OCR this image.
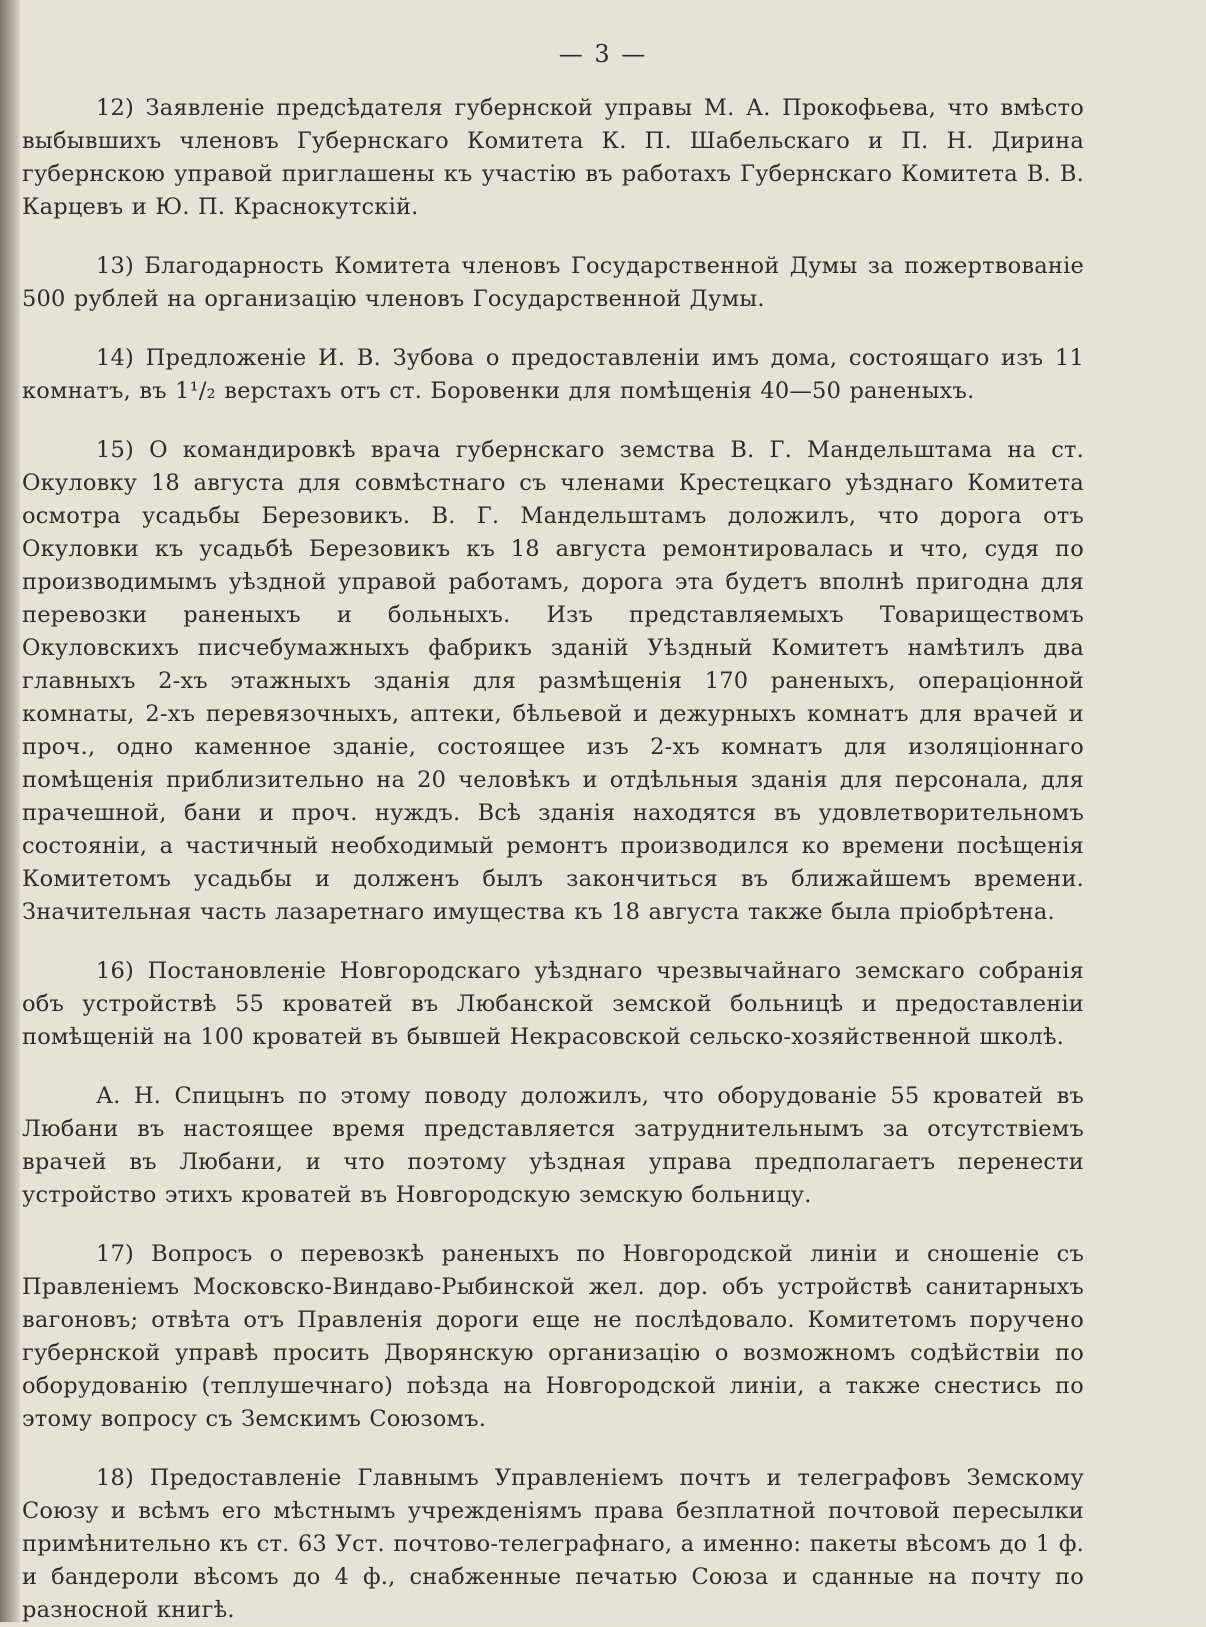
— 3 —

12) Заявленіе предсѣдателя губернской управы М. А. Прокофьева, что вмѣсто выбывшихъ членовъ Губернскаго Комитета К. П. Шабельскаго и П. Н. Дирина губернскою управой приглашены къ участію въ работахъ Губернскаго Комитета В. В. Карцевъ и Ю. П. Краснокутскій.

13) Благодарность Комитета членовъ Государственной Думы за пожертвованіе 500 рублей на организацію членовъ Государственной Думы.

14) Предложеніе И. В. Зубова о предоставленіи имъ дома, состоящаго изъ 11 комнатъ, въ 1¹/₂ верстахъ отъ ст. Боровенки для помѣщенія 40—50 раненыхъ.

15) О командировкѣ врача губернскаго земства В. Г. Мандельштама на ст. Окуловку 18 августа для совмѣстнаго съ членами Крестецкаго уѣзднаго Комитета осмотра усадьбы Березовикъ. В. Г. Мандельштамъ доложилъ, что дорога отъ Окуловки къ усадьбѣ Березовикъ къ 18 августа ремонтировалась и что, судя по производимымъ уѣздной управой работамъ, дорога эта будетъ вполнѣ пригодна для перевозки раненыхъ и больныхъ. Изъ представляемыхъ Товариществомъ Окуловскихъ писчебумажныхъ фабрикъ зданій Уѣздный Комитетъ намѣтилъ два главныхъ 2-хъ этажныхъ зданія для размѣщенія 170 раненыхъ, операціонной комнаты, 2-хъ перевязочныхъ, аптеки, бѣльевой и дежурныхъ комнатъ для врачей и проч., одно каменное зданіе, состоящее изъ 2-хъ комнатъ для изоляціоннаго помѣщенія приблизительно на 20 человѣкъ и отдѣльныя зданія для персонала, для прачешной, бани и проч. нуждъ. Всѣ зданія находятся въ удовлетворительномъ состояніи, а частичный необходимый ремонтъ производился ко времени посѣщенія Комитетомъ усадьбы и долженъ былъ закончиться въ ближайшемъ времени. Значительная часть лазаретнаго имущества къ 18 августа также была пріобрѣтена.

16) Постановленіе Новгородскаго уѣзднаго чрезвычайнаго земскаго собранія объ устройствѣ 55 кроватей въ Любанской земской больницѣ и предоставленіи помѣщеній на 100 кроватей въ бывшей Некрасовской сельско-хозяйственной школѣ.

А. Н. Спицынъ по этому поводу доложилъ, что оборудованіе 55 кроватей въ Любани въ настоящее время представляется затруднительнымъ за отсутствіемъ врачей въ Любани, и что поэтому уѣздная управа предполагаетъ перенести устройство этихъ кроватей въ Новгородскую земскую больницу.

17) Вопросъ о перевозкѣ раненыхъ по Новгородской линіи и сношеніе съ Правленіемъ Московско-Виндаво-Рыбинской жел. дор. объ устройствѣ санитарныхъ вагоновъ; отвѣта отъ Правленія дороги еще не послѣдовало. Комитетомъ поручено губернской управѣ просить Дворянскую организацію о возможномъ содѣйствіи по оборудованію (теплушечнаго) поѣзда на Новгородской линіи, а также снестись по этому вопросу съ Земскимъ Союзомъ.

18) Предоставленіе Главнымъ Управленіемъ почтъ и телеграфовъ Земскому Союзу и всѣмъ его мѣстнымъ учрежденіямъ права безплатной почтовой пересылки примѣнительно къ ст. 63 Уст. почтово-телеграфнаго, а именно: пакеты вѣсомъ до 1 ф. и бандероли вѣсомъ до 4 ф., снабженные печатью Союза и сданные на почту по разносной книгѣ.
